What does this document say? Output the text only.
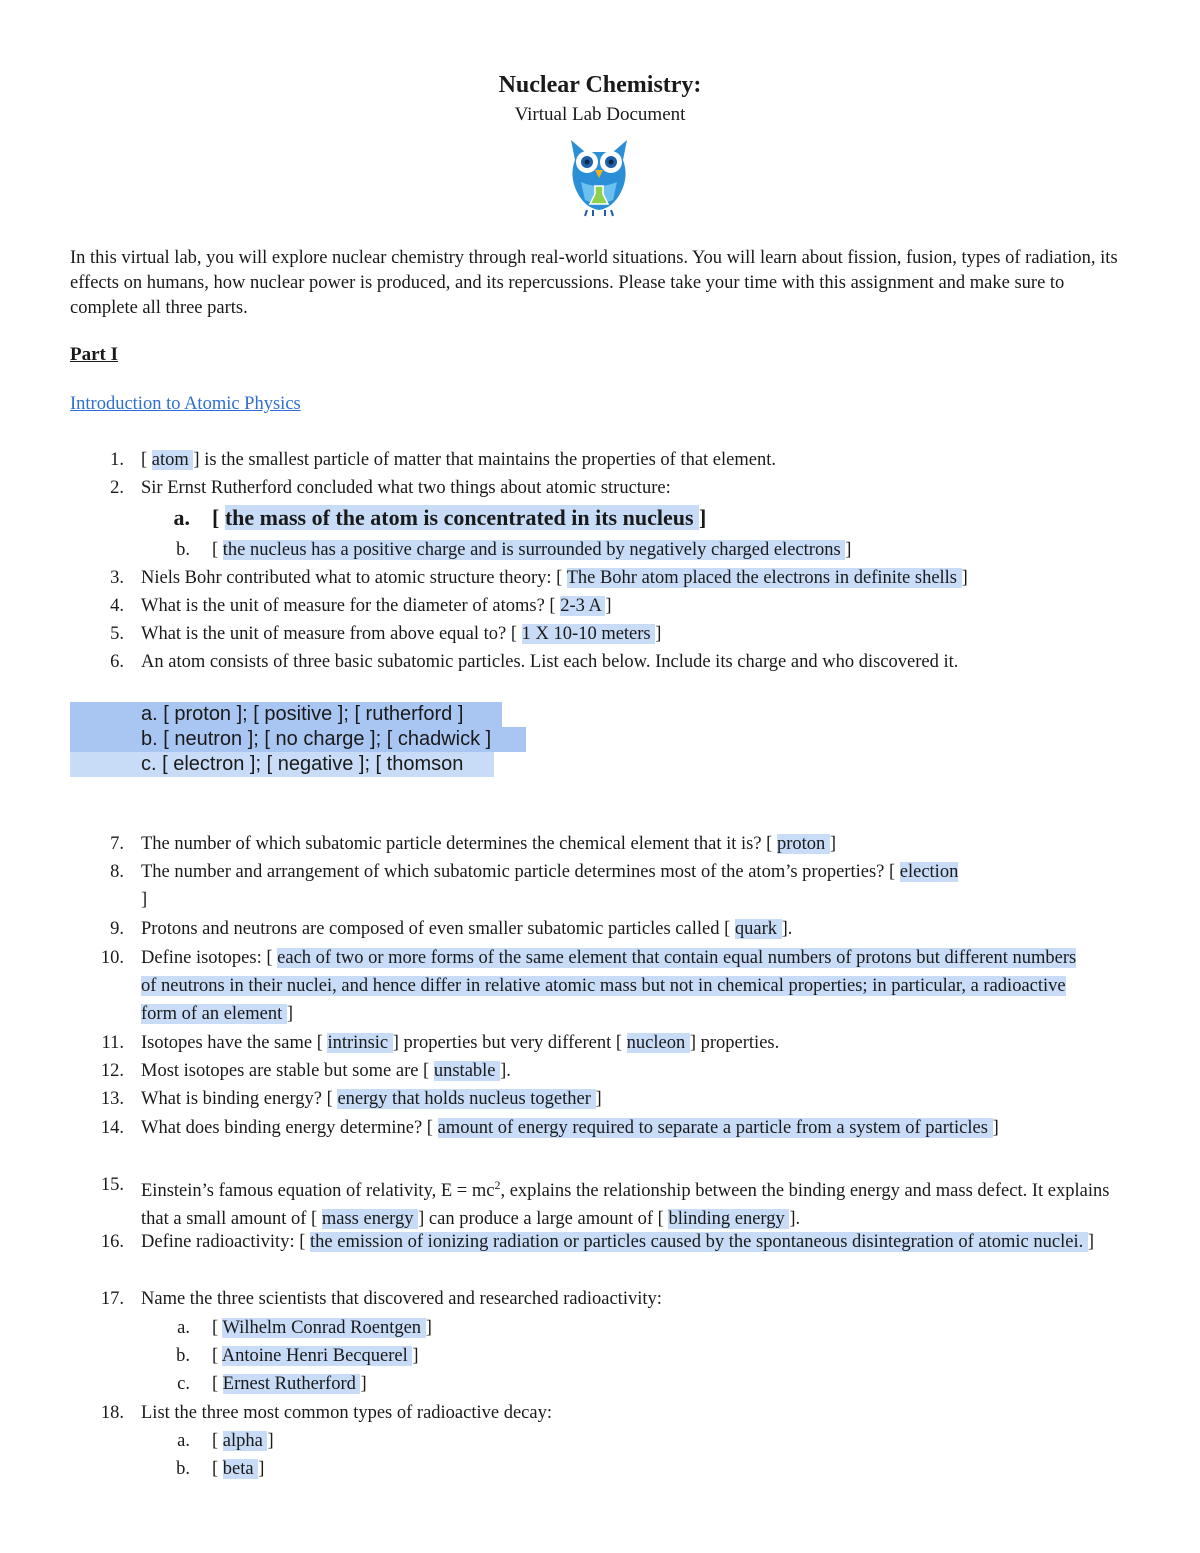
Nuclear Chemistry:
Virtual Lab Document

In this virtual lab, you will explore nuclear chemistry through real-world situations. You will learn about fission, fusion, types of radiation, its effects on humans, how nuclear power is produced, and its repercussions. Please take your time with this assignment and make sure to complete all three parts.

Part I
Introduction to Atomic Physics
1. [ atom ] is the smallest particle of matter that maintains the properties of that element.
2. Sir Ernst Rutherford concluded what two things about atomic structure:
a. [ the mass of the atom is concentrated in its nucleus ]
b. [ the nucleus has a positive charge and is surrounded by negatively charged electrons ]
3. Niels Bohr contributed what to atomic structure theory: [ The Bohr atom placed the electrons in definite shells ]
4. What is the unit of measure for the diameter of atoms? [ 2-3 A ]
5. What is the unit of measure from above equal to? [ 1 X 10-10 meters ]
6. An atom consists of three basic subatomic particles. List each below. Include its charge and who discovered it.
a. [ proton ]; [ positive ]; [ rutherford ]
b. [ neutron ]; [ no charge ]; [ chadwick ]
c. [ electron ]; [ negative ]; [ thomson
7. The number of which subatomic particle determines the chemical element that it is? [ proton ]
8. The number and arrangement of which subatomic particle determines most of the atom’s properties? [ election
]
9. Protons and neutrons are composed of even smaller subatomic particles called [ quark ].
10. Define isotopes: [ each of two or more forms of the same element that contain equal numbers of protons but different numbers of neutrons in their nuclei, and hence differ in relative atomic mass but not in chemical properties; in particular, a radioactive form of an element ]
11. Isotopes have the same [ intrinsic ] properties but very different [ nucleon ] properties.
12. Most isotopes are stable but some are [ unstable ].
13. What is binding energy? [ energy that holds nucleus together ]
14. What does binding energy determine? [ amount of energy required to separate a particle from a system of particles ]
15. Einstein’s famous equation of relativity, $E = mc^2$, explains the relationship between the binding energy and mass defect. It explains that a small amount of [ mass energy ] can produce a large amount of [ blinding energy ].
16. Define radioactivity: [ the emission of ionizing radiation or particles caused by the spontaneous disintegration of atomic nuclei. ]
17. Name the three scientists that discovered and researched radioactivity:
a. [ Wilhelm Conrad Roentgen ]
b. [ Antoine Henri Becquerel ]
c. [ Ernest Rutherford ]
18. List the three most common types of radioactive decay:
a. [ alpha ]
b. [ beta ]
